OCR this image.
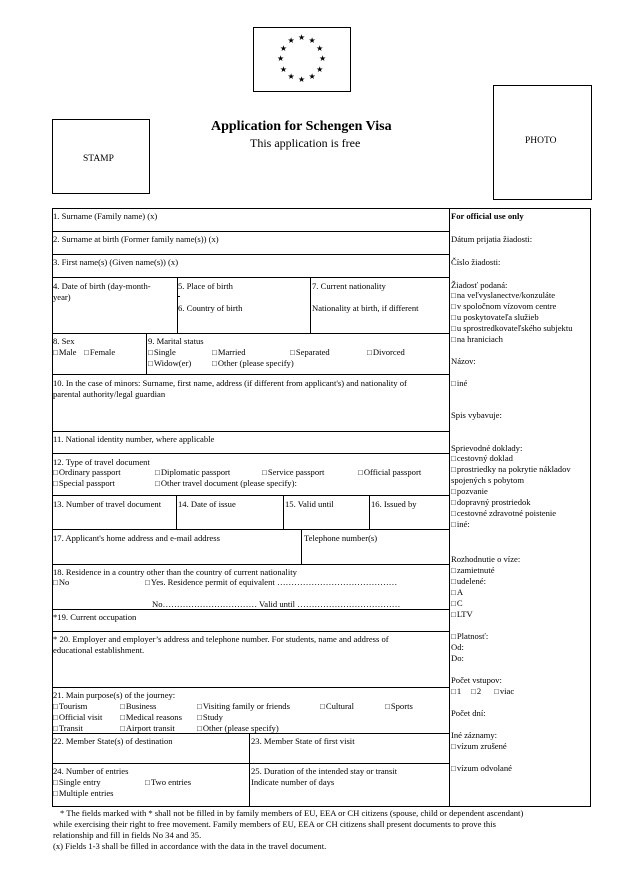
★ ★
★
★
★
★
★
★
★
★
★
★
STAMP
PHOTO
Application for Schengen Visa
This application is free
1. Surname (Family name) (x)
2. Surname at birth (Former family name(s)) (x)
3. First name(s) (Given name(s)) (x)
4. Date of birth (day-month-
year)
5. Place of birth
6. Country of birth
7. Current nationality
Nationality at birth, if different
8. Sex
□ Male	□ Female
9. Marital status
□ Single	□ Married	□ Separated	□ Divorced
□ Widow(er)	□ Other (please specify)
10. In the case of minors: Surname, first name, address (if different from applicant's) and nationality of
parental authority/legal guardian
11. National identity number, where applicable
12. Type of travel document
□ Ordinary passport	□ Diplomatic passport	□ Service passport	□ Official passport
□ Special passport	□ Other travel document (please specify):
13. Number of travel document 14. Date of issue	15. Valid until	16. Issued by
17. Applicant's home address and e-mail address	Telephone number(s)
18. Residence in a country other than the country of current nationality
□ No	□ Yes. Residence permit of equivalent ……………………………………
No…………………………… Valid until ………………………………
*19. Current occupation
* 20. Employer and employer’s address and telephone number. For students, name and address of
educational establishment.
21. Main purpose(s) of the journey:
□ Tourism	□ Business	□ Visiting family or friends	□ Cultural	□ Sports
□ Official visit	□ Medical reasons	□ Study
□ Transit	□ Airport transit	□ Other (please specify)
22. Member State(s) of destination	23. Member State of first visit
24. Number of entries
□ Single entry	□ Two entries
□ Multiple entries
25. Duration of the intended stay or transit
Indicate number of days
For official use only
Dátum prijatia žiadosti:
Číslo žiadosti:
Žiadosť podaná:
□ na veľvyslanectve/konzuláte
□ v spoločnom vízovom centre
□ u poskytovateľa služieb
□ u sprostredkovateľského subjektu
□ na hraniciach
Názov:
□ iné
Spis vybavuje:
Sprievodné doklady:
□ cestovný doklad
□ prostriedky na pokrytie nákladov
spojených s pobytom
□ pozvanie
□ dopravný prostriedok
□ cestovné zdravotné poistenie
□ iné:
Rozhodnutie o víze:
□ zamietnuté
□ udelené:
□ A
□ C
□ LTV
□ Platnosť:
Od:
Do:
Počet vstupov:
□ 1	□ 2	□ viac
Počet dní:
Iné záznamy:
□ vízum zrušené
□ vízum odvolané
* The fields marked with * shall not be filled in by family members of EU, EEA or CH citizens (spouse, child or dependent ascendant)
while exercising their right to free movement. Family members of EU, EEA or CH citizens shall present documents to prove this
relationship and fill in fields No 34 and 35.
(x) Fields 1-3 shall be filled in accordance with the data in the travel document.
